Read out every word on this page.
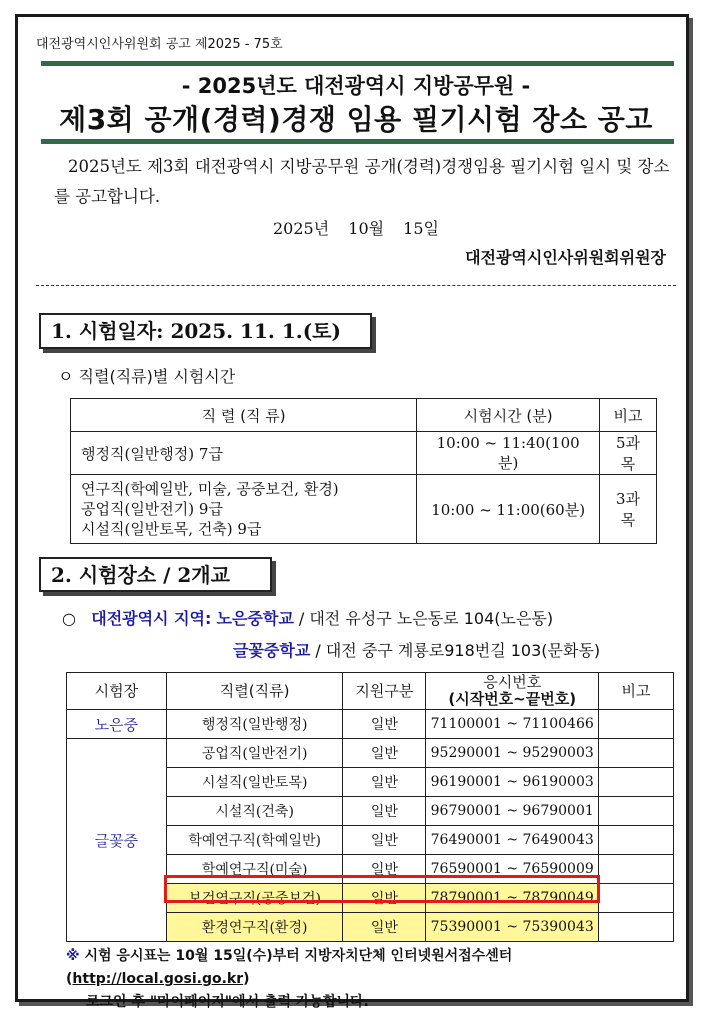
대전광역시인사위원회 공고 제2025 - 75호
- 2025년도 대전광역시 지방공무원 -
제3회 공개(경력)경쟁 임용 필기시험 장소 공고
2025년도 제3회 대전광역시 지방공무원 공개(경력)경쟁임용 필기시험 일시 및 장소를 공고합니다.
2025년 10월 15일
대전광역시인사위원회위원장
1. 시험일자: 2025. 11. 1.(토)
ㅇ 직렬(직류)별 시험시간
직 렬 (직 류)	시험시간 (분)	비고
행정직(일반행정) 7급	10:00 ~ 11:40(100분)	5과목

연구직(학예일반, 미술, 공중보건, 환경)
공업직(일반전기) 9급
시설직(일반토목, 건축) 9급	10:00 ~ 11:00(60분)	3과목
2. 시험장소 / 2개교
○ 대전광역시 지역: 노은중학교 / 대전 유성구 노은동로 104(노은동)
글꽃중학교 / 대전 중구 계룡로918번길 103(문화동)
시험장	직렬(직류)	지원구분	응시번호
(시작번호~끝번호)	비고
노은중	행정직(일반행정)	일반	71100001 ~ 71100466	
글꽃중	공업직(일반전기)	일반	95290001 ~ 95290003	
	시설직(일반토목)	일반	96190001 ~ 96190003	
	시설직(건축)	일반	96790001 ~ 96790001	
	학예연구직(학예일반)	일반	76490001 ~ 76490043	
	학예연구직(미술)	일반	76590001 ~ 76590009	
	보건연구직(공중보건)	일반	78790001 ~ 78790049	
	환경연구직(환경)	일반	75390001 ~ 75390043	
※ 시험 응시표는 10월 15일(수)부터 지방자치단체 인터넷원서접수센터(http://local.gosi.go.kr)
로그인 후 "마이페이지"에서 출력 가능합니다.
